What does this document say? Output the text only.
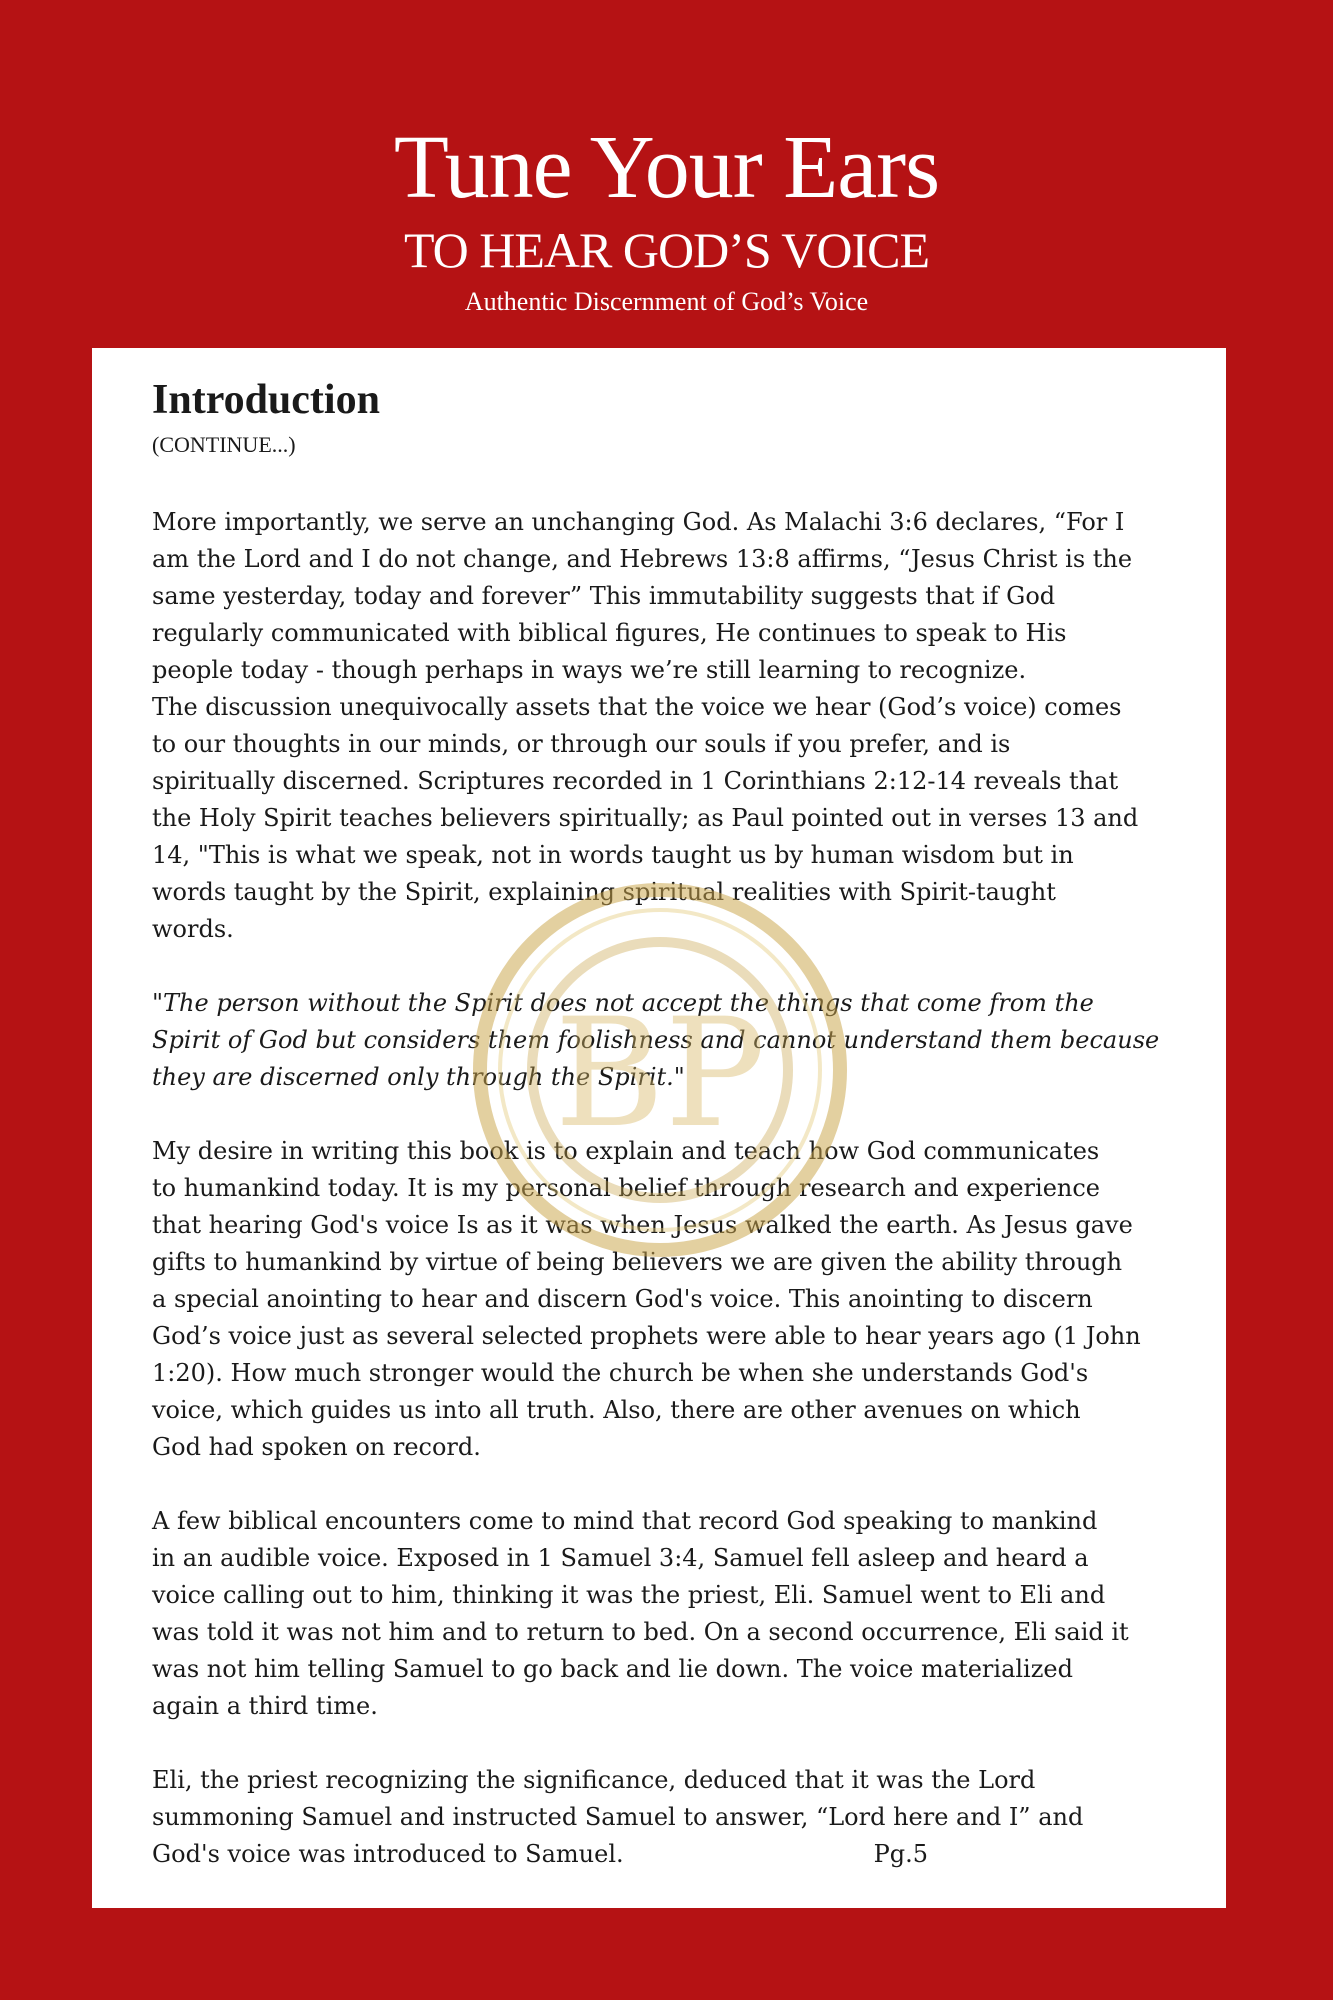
Tune Your Ears
TO HEAR GOD’S VOICE
Authentic Discernment of God’s Voice
Introduction
(CONTINUE...)
More importantly, we serve an unchanging God. As Malachi 3:6 declares, “For I
am the Lord and I do not change, and Hebrews 13:8 affirms, “Jesus Christ is the
same yesterday, today and forever” This immutability suggests that if God
regularly communicated with biblical figures, He continues to speak to His
people today - though perhaps in ways we’re still learning to recognize.
The discussion unequivocally assets that the voice we hear (God’s voice) comes
to our thoughts in our minds, or through our souls if you prefer, and is
spiritually discerned. Scriptures recorded in 1 Corinthians 2:12-14 reveals that
the Holy Spirit teaches believers spiritually; as Paul pointed out in verses 13 and
14, "This is what we speak, not in words taught us by human wisdom but in
words taught by the Spirit, explaining spiritual realities with Spirit-taught
words.
"The person without the Spirit does not accept the things that come from the
Spirit of God but considers them foolishness and cannot understand them because
they are discerned only through the Spirit."
My desire in writing this book is to explain and teach how God communicates
to humankind today. It is my personal belief through research and experience
that hearing God's voice Is as it was when Jesus walked the earth. As Jesus gave
gifts to humankind by virtue of being believers we are given the ability through
a special anointing to hear and discern God's voice. This anointing to discern
God’s voice just as several selected prophets were able to hear years ago (1 John
1:20). How much stronger would the church be when she understands God's
voice, which guides us into all truth. Also, there are other avenues on which
God had spoken on record.
A few biblical encounters come to mind that record God speaking to mankind
in an audible voice. Exposed in 1 Samuel 3:4, Samuel fell asleep and heard a
voice calling out to him, thinking it was the priest, Eli. Samuel went to Eli and
was told it was not him and to return to bed. On a second occurrence, Eli said it
was not him telling Samuel to go back and lie down. The voice materialized
again a third time.
Eli, the priest recognizing the significance, deduced that it was the Lord
summoning Samuel and instructed Samuel to answer, “Lord here and I” and
God's voice was introduced to Samuel.	Pg.5
BP
